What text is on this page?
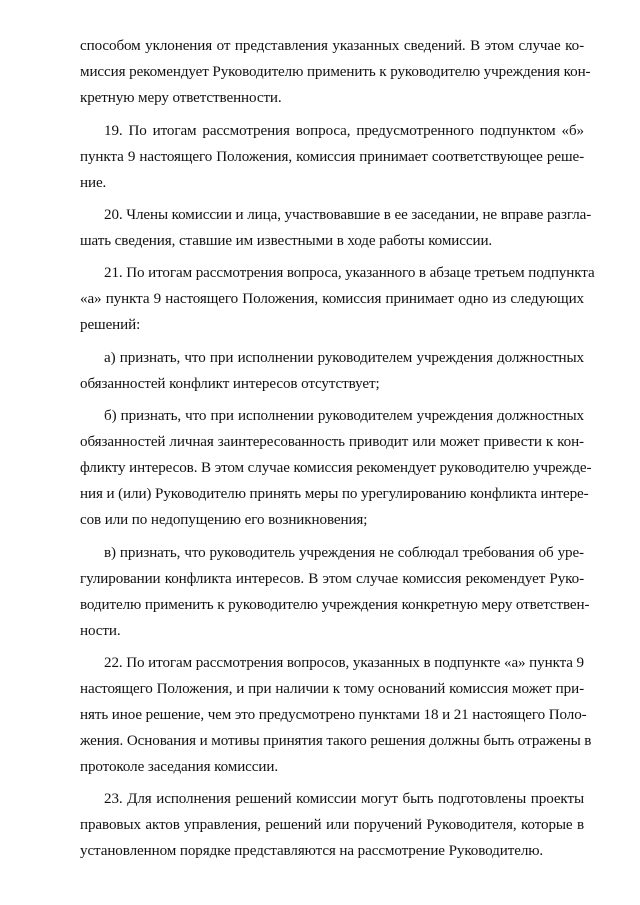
способом уклонения от представления указанных сведений. В этом случае ко-
миссия рекомендует Руководителю применить к руководителю учреждения кон-
кретную меру ответственности.
19. По итогам рассмотрения вопроса, предусмотренного подпунктом «б»
пункта 9 настоящего Положения, комиссия принимает соответствующее реше-
ние.
20. Члены комиссии и лица, участвовавшие в ее заседании, не вправе разгла-
шать сведения, ставшие им известными в ходе работы комиссии.
21. По итогам рассмотрения вопроса, указанного в абзаце третьем подпункта
«а» пункта 9 настоящего Положения, комиссия принимает одно из следующих
решений:
а) признать, что при исполнении руководителем учреждения должностных
обязанностей конфликт интересов отсутствует;
б) признать, что при исполнении руководителем учреждения должностных
обязанностей личная заинтересованность приводит или может привести к кон-
фликту интересов. В этом случае комиссия рекомендует руководителю учрежде-
ния и (или) Руководителю принять меры по урегулированию конфликта интере-
сов или по недопущению его возникновения;
в) признать, что руководитель учреждения не соблюдал требования об уре-
гулировании конфликта интересов. В этом случае комиссия рекомендует Руко-
водителю применить к руководителю учреждения конкретную меру ответствен-
ности.
22. По итогам рассмотрения вопросов, указанных в подпункте «а» пункта 9
настоящего Положения, и при наличии к тому оснований комиссия может при-
нять иное решение, чем это предусмотрено пунктами 18 и 21 настоящего Поло-
жения. Основания и мотивы принятия такого решения должны быть отражены в
протоколе заседания комиссии.
23. Для исполнения решений комиссии могут быть подготовлены проекты
правовых актов управления, решений или поручений Руководителя, которые в
установленном порядке представляются на рассмотрение Руководителю.
